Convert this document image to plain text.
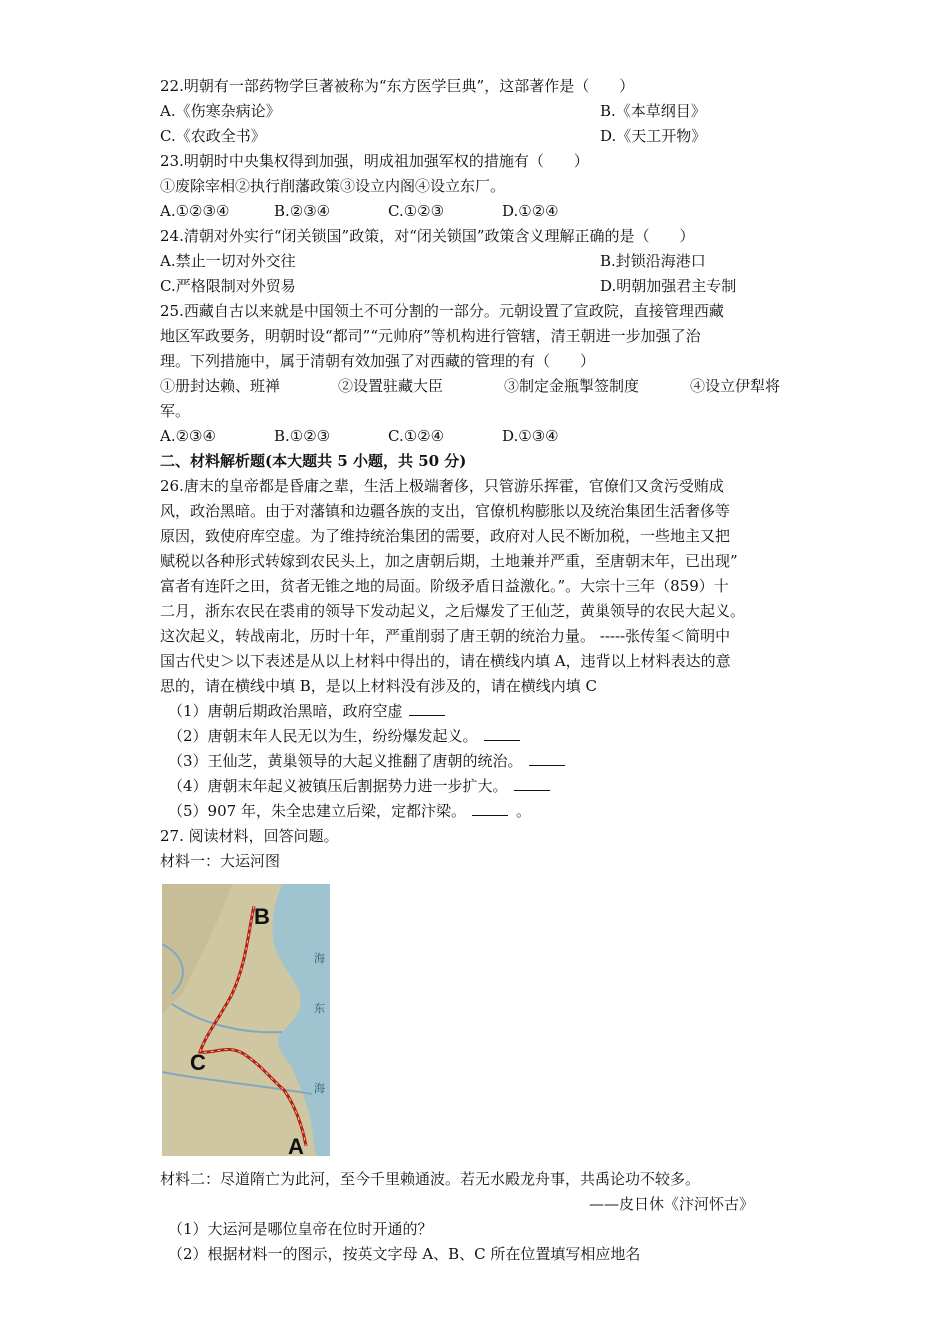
22.明朝有一部药物学巨著被称为“东方医学巨典”，这部著作是（　　）
A.《伤寒杂病论》	B.《本草纲目》
C.《农政全书》	D.《天工开物》
23.明朝时中央集权得到加强，明成祖加强军权的措施有（　　）
①废除宰相②执行削藩政策③设立内阁④设立东厂。
A.①②③④	B.②③④	C.①②③	D.①②④
24.清朝对外实行“闭关锁国”政策，对“闭关锁国”政策含义理解正确的是（　　）
A.禁止一切对外交往	B.封锁沿海港口
C.严格限制对外贸易	D.明朝加强君主专制
25.西藏自古以来就是中国领土不可分割的一部分。元朝设置了宣政院，直接管理西藏
地区军政要务，明朝时设“都司”“元帅府”等机构进行管辖，清王朝进一步加强了治
理。下列措施中，属于清朝有效加强了对西藏的管理的有（　　）
①册封达赖、班禅	②设置驻藏大臣	③制定金瓶掣签制度	④设立伊犁将
军。
A.②③④	B.①②③	C.①②④	D.①③④
二、材料解析题(本大题共 5 小题，共 50 分)
26.唐末的皇帝都是昏庸之辈，生活上极端奢侈，只管游乐挥霍，官僚们又贪污受贿成
风，政治黑暗。由于对藩镇和边疆各族的支出，官僚机构膨胀以及统治集团生活奢侈等
原因，致使府库空虚。为了维持统治集团的需要，政府对人民不断加税，一些地主又把
赋税以各种形式转嫁到农民头上，加之唐朝后期，土地兼并严重，至唐朝末年，已出现”
富者有连阡之田，贫者无锥之地的局面。阶级矛盾日益激化。”。大宗十三年（859）十
二月，浙东农民在裘甫的领导下发动起义，之后爆发了王仙芝，黄巢领导的农民大起义。
这次起义，转战南北，历时十年，严重削弱了唐王朝的统治力量。 -----张传玺＜简明中
国古代史＞以下表述是从以上材料中得出的，请在横线内填 A，违背以上材料表达的意
思的，请在横线中填 B，是以上材料没有涉及的，请在横线内填 C
（1）唐朝后期政治黑暗，政府空虚
（2）唐朝末年人民无以为生，纷纷爆发起义。
（3）王仙芝，黄巢领导的大起义推翻了唐朝的统治。
（4）唐朝末年起义被镇压后割据势力进一步扩大。
（5）907 年，朱全忠建立后梁，定都汴梁。	。
27. 阅读材料，回答问题。
材料一：大运河图
B
C
A
海
东
海
材料二：尽道隋亡为此河，至今千里赖通波。若无水殿龙舟事，共禹论功不较多。
——皮日休《汴河怀古》
（1）大运河是哪位皇帝在位时开通的？
（2）根据材料一的图示，按英文字母 A、B、C 所在位置填写相应地名
